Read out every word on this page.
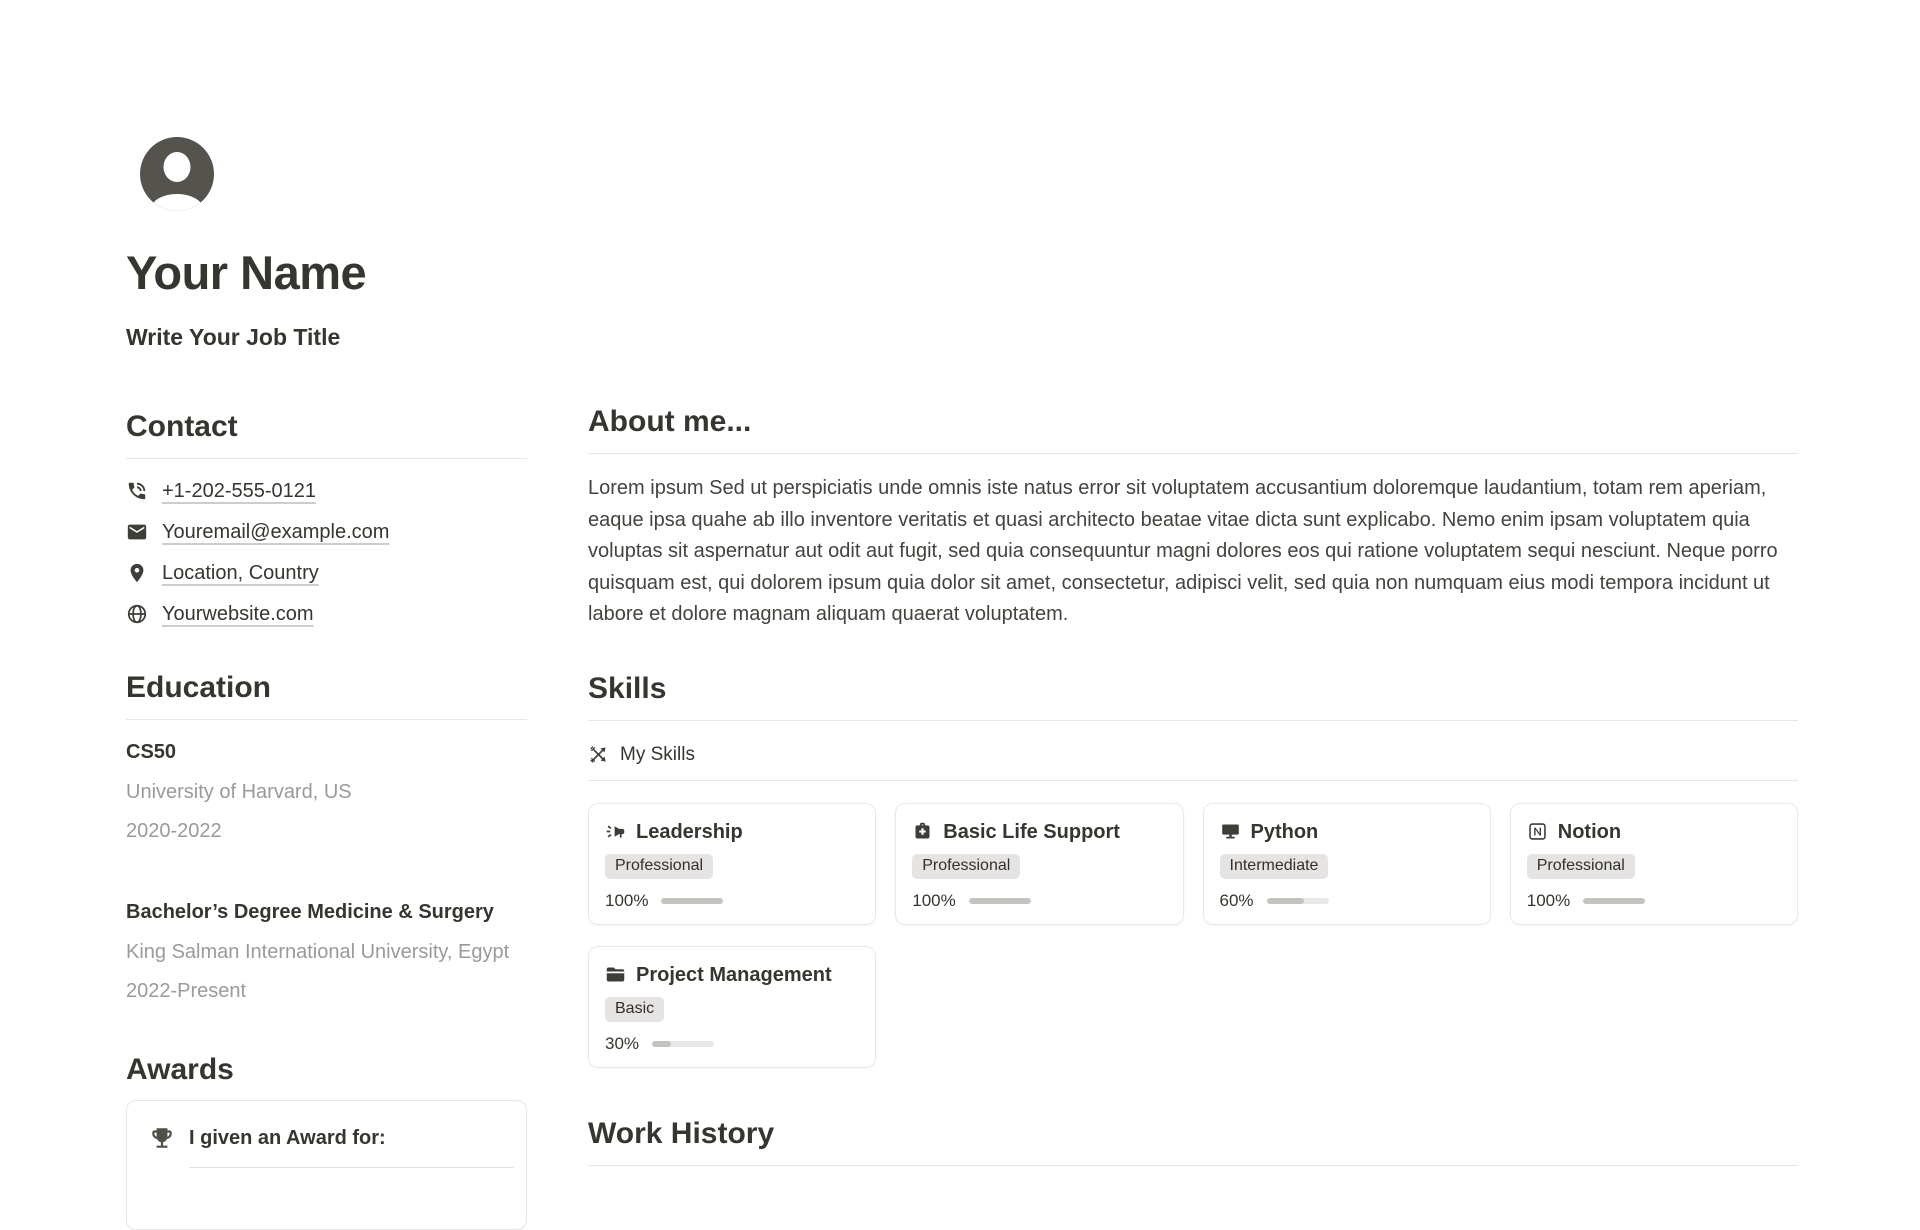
Your Name
Write Your Job Title
Contact
+1-202-555-0121
Youremail@example.com
Location, Country
Yourwebsite.com
Education
CS50
University of Harvard, US
2020-2022
Bachelor’s Degree Medicine & Surgery
King Salman International University, Egypt
2022-Present
Awards
I given an Award for:
About me...

Lorem ipsum Sed ut perspiciatis unde omnis iste natus error sit voluptatem accusantium doloremque laudantium, totam rem aperiam, eaque ipsa quahe ab illo inventore veritatis et quasi architecto beatae vitae dicta sunt explicabo. Nemo enim ipsam voluptatem quia voluptas sit aspernatur aut odit aut fugit, sed quia consequuntur magni dolores eos qui ratione voluptatem sequi nesciunt. Neque porro quisquam est, qui dolorem ipsum quia dolor sit amet, consectetur, adipisci velit, sed quia non numquam eius modi tempora incidunt ut labore et dolore magnam aliquam quaerat voluptatem.

Skills
My Skills
Leadership
Professional
100%
Basic Life Support
Professional
100%
Python
Intermediate
60%
Notion
Professional
100%
Project Management
Basic
30%
Work History
